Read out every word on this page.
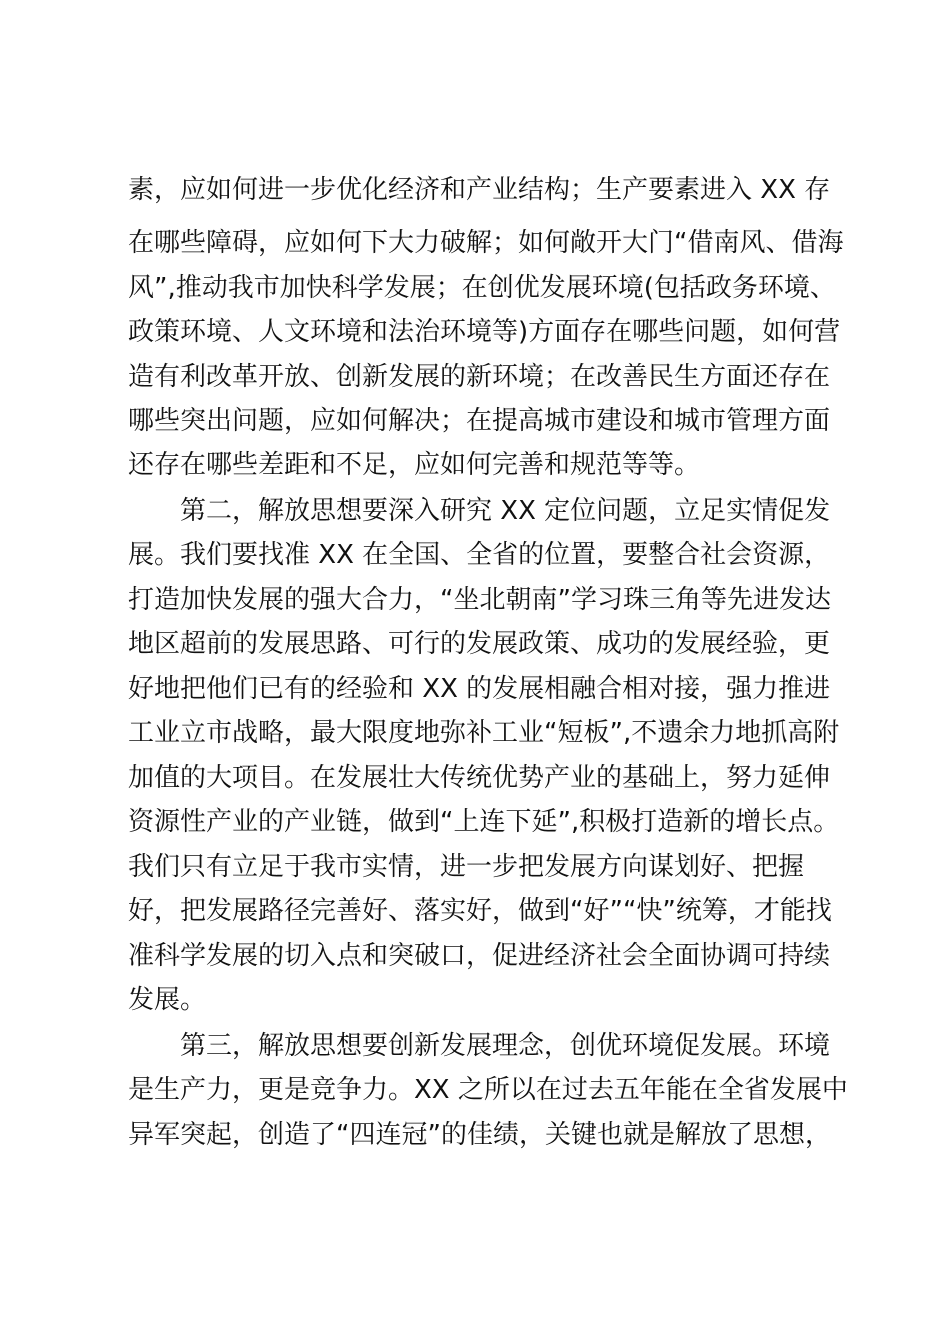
素，应如何进一步优化经济和产业结构；生产要素进入 XX 存
在哪些障碍，应如何下大力破解；如何敞开大门“借南风、借海
风”,推动我市加快科学发展；在创优发展环境(包括政务环境、
政策环境、人文环境和法治环境等)方面存在哪些问题，如何营
造有利改革开放、创新发展的新环境；在改善民生方面还存在
哪些突出问题，应如何解决；在提高城市建设和城市管理方面
还存在哪些差距和不足，应如何完善和规范等等。
第二，解放思想要深入研究 XX 定位问题，立足实情促发
展。我们要找准 XX 在全国、全省的位置，要整合社会资源，
打造加快发展的强大合力，“坐北朝南”学习珠三角等先进发达
地区超前的发展思路、可行的发展政策、成功的发展经验，更
好地把他们已有的经验和 XX 的发展相融合相对接，强力推进
工业立市战略，最大限度地弥补工业“短板”,不遗余力地抓高附
加值的大项目。在发展壮大传统优势产业的基础上，努力延伸
资源性产业的产业链，做到“上连下延”,积极打造新的增长点。
我们只有立足于我市实情，进一步把发展方向谋划好、把握
好，把发展路径完善好、落实好，做到“好”“快”统筹，才能找
准科学发展的切入点和突破口，促进经济社会全面协调可持续
发展。
第三，解放思想要创新发展理念，创优环境促发展。环境
是生产力，更是竞争力。XX 之所以在过去五年能在全省发展中
异军突起，创造了“四连冠”的佳绩，关键也就是解放了思想，
